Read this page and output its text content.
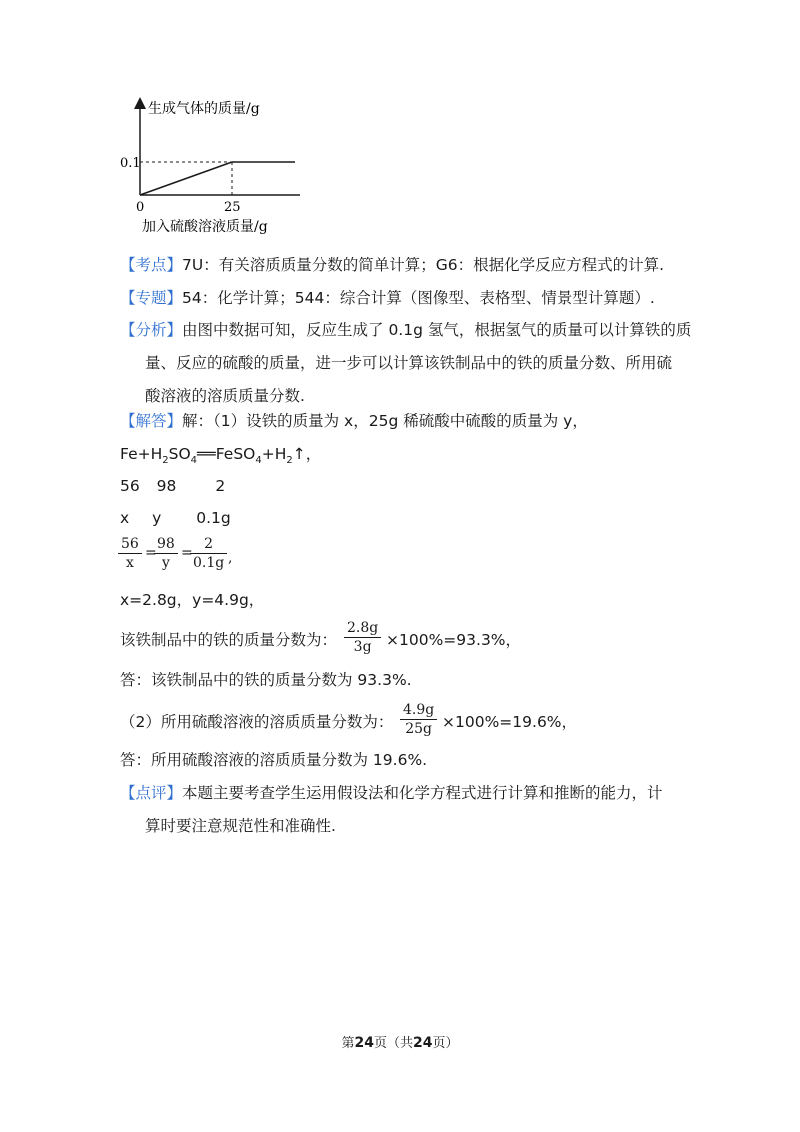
生成气体的质量/g
0.1
0	25
加入硫酸溶液质量/g
【考点】7U：有关溶质质量分数的简单计算；G6：根据化学反应方程式的计算.
【专题】54：化学计算；544：综合计算（图像型、表格型、情景型计算题）.
【分析】由图中数据可知，反应生成了 0.1g 氢气，根据氢气的质量可以计算铁的质
量、反应的硫酸的质量，进一步可以计算该铁制品中的铁的质量分数、所用硫
酸溶液的溶质质量分数.
【解答】解：（1）设铁的质量为 x，25g 稀硫酸中硫酸的质量为 y，
$Fe+H_2SO_4══FeSO_4+H_2↑$，
56 98	2
x y 0.1g
$\frac{56}{x}$ =
$\frac{98}{y}$ =
$\frac{2}{0.1g}$ ,
x=2.8g，y=4.9g，
该铁制品中的铁的质量分数为： $\frac{2.8g}{3g} \times 100\%=93.3\%$，
答：该铁制品中的铁的质量分数为 93.3%.
（2）所用硫酸溶液的溶质质量分数为： $\frac{4.9g}{25g} \times 100\%=19.6\%$，
答：所用硫酸溶液的溶质质量分数为 19.6%.
【点评】本题主要考查学生运用假设法和化学方程式进行计算和推断的能力，计
算时要注意规范性和准确性.
第24页（共24页）
